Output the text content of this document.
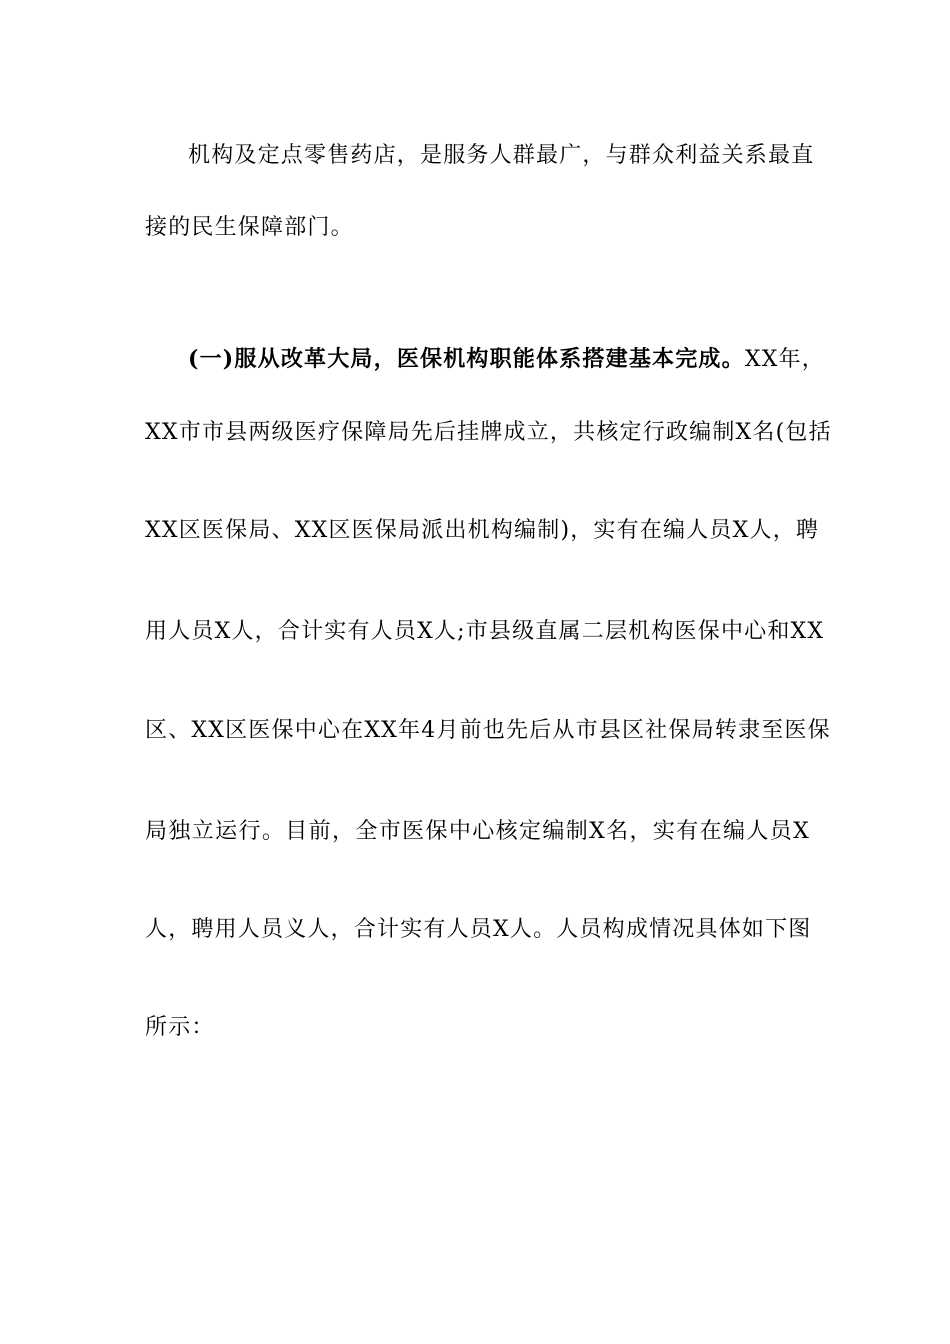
机构及定点零售药店，是服务人群最广，与群众利益关系最直
接的民生保障部门。
(一)服从改革大局，医保机构职能体系搭建基本完成。XX年，
XX市市县两级医疗保障局先后挂牌成立，共核定行政编制X名(包括
XX区医保局、XX区医保局派出机构编制)，实有在编人员X人，聘
用人员X人，合计实有人员X人;市县级直属二层机构医保中心和XX
区、XX区医保中心在XX年4月前也先后从市县区社保局转隶至医保
局独立运行。目前，全市医保中心核定编制X名，实有在编人员X
人，聘用人员义人，合计实有人员X人。人员构成情况具体如下图
所示：
